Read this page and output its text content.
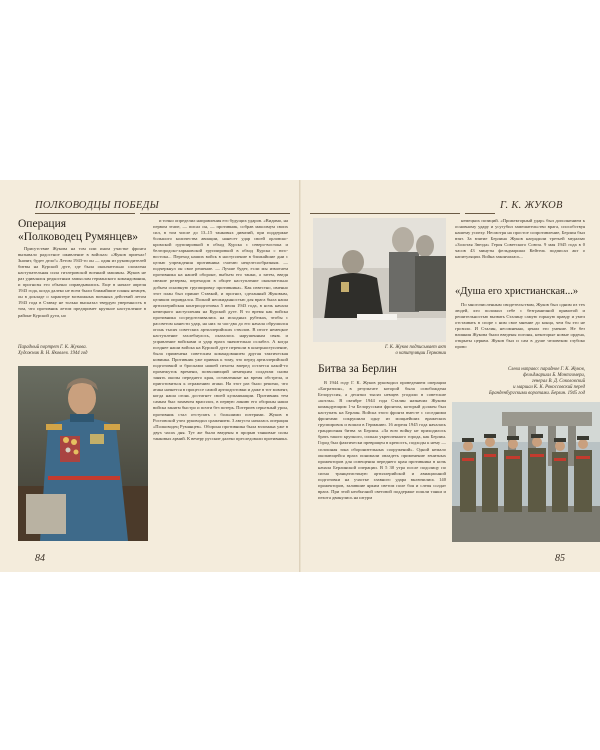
ПОЛКОВОДЦЫ ПОБЕДЫ
Операция
«Полководец Румянцев»

Присутствие Жукова на том или ином участке фронта вызывало радостное оживление в войсках: «Жуков приехал! Значит, будет дело!» Летом 1943-го он — один из руководителей битвы на Курской дуге, где была окончательно сломлена наступательная сила гитлеровской военной машины. Жуков не раз удивлялся редкостным замыслам германского командования, и прогнозы его обычно оправдывались. Еще в начале апреля 1943 года, когда далеко не всем были ближайшие планы немцев, он в докладе о характере возможных военных действий летом 1943 года в Ставку не только высказал твердую уверенность в том, что противник летом предпримет крупное наступление в районе Курской дуги, но

Парадный портрет Г. К. Жукова.
Художник В. Н. Яковлев. 1944 год

и точно определил направления его будущих ударов. «Видимо, на первом этапе, — писал он, — противник, собрав максимум своих сил, в том числе до 13–15 танковых дивизий, при поддержке большого количества авиации, нанесет удар своей орловско-кромской группировкой в обход Курска с северо-востока и белгородско-харьковской группировкой в обход Курска с юго-востока... Переход наших войск в наступление в ближайшие дни с целью упреждения противника считаю нецелесообразным. — подчеркнул он свое решение. — Лучше будет, если мы измотаем противника на нашей обороне, выбьем его танки, а затем, введя свежие резервы, переходом в общее наступление окончательно добьем основную группировку противника». Как известно, именно этот план был принят Ставкой, и прогноз, сделанный Жуковым, целиком оправдался. Полной неожиданностью для врага была наша артиллерийская контрподготовка 5 июля 1943 года, в ночь начала немецкого наступления на Курской дуге. В то время как войска противника сосредоточивались на исходных рубежах, чтобы с рассветом нанести удар, на них за час-два до его начала обрушился огонь тысяч советских артиллерийских стволов. В итоге немецкое наступление захлебнулось, оказалось нарушенным связь и управление войсками и удар врага значительно ослабел. А когда позднее наши войска на Курской дуге перешли в контрнаступление, была применена советским командованием другая тактическая новинка. Противник уже привык к тому, что перед артиллерийской подготовкой и бросками нашей пехоты вперед остается какой-то промежуток времени, позволяющий немецким солдатам снова занять окопы переднего края, оставленные на время обстрела, и приготовиться к отражению атаки. На этот раз было решено, что атака начнется в процессе самой артподготовки и даже в тот момент, когда наша огонь достигнет своей кульминации. Противник тем самым был захвачен врасплох, в первую линию его обороны наши войска занятм быстро и почти без потерь. Потерпев серьезный урон, противник стал отступать с большими потерями. Жуков в Ростовской учел руководил сражением. 3 августа началась операция «Полководец Румянцев». Оборона противника была взломана уже в двух часах дня. Тут же были введены в прорыв танковые силы танковых армий. К вечеру русские далеко преследовали противника.

84
Г. К. ЖУКОВ
Г. К. Жуков подписывает акт
о капитуляции Германии
Битва за Берлин

В 1944 году Г. К. Жуков руководил проведением операции «Багратион», в результате которой была освобождена Белоруссия, а десятки тысяч немцев угодили в советские «котлы». В октябре 1944 года Сталин назначил Жукова командующим 1-м Белорусским фронтом, который должен был наступать на Берлин. Войска этого фронта вместе с соседними фронтами сокрушили одну из мощнейших вражеских группировок и вошли в Германию. 16 апреля 1945 года началась грандиозная битва за Берлин. «За всю войну не приходилось брать такого крупного, сильно укрепленного города, как Берлин. Город был фактически превращен в крепость, подходы к нему — сплошная зона оборонительных сооружений». Одной немало окопающейся врага понимали овладеть применение зенитных прожекторов для освещения переднего края противника в ночь начала Берлинской операции. В 5 30 утра после подолицу по сигна транцатистиную артиллерийской и авиационной подготовки на участке главного удара включились 140 прожекторов, залившие ярким светом поле боя и слепя солдат врага. При этой необычной световой поддержке пошли танки и пехота двинулись на штурм

немецких позиций. «Прожекторный удар» был дополнением к основному удару и усугубил замешательство врага, способствуя нашему успеху. Несмотря на простое сопротивление, Берлин был взят. За взятие Берлина Жуков наградили третьей медалью «Золотая Звезда» Героя Советского Союза. 9 мая 1945 года в 0 часов 43 минуты фельдмаршал Кейтель подписал акт о капитуляции. Война закончилась...

«Душа его христианская...»

По многочисленным свидетельствам, Жуков был одним из тех людей, кто положил себе с безграничной прямотой и решительностью вызвать Сталину самую горькую правду и умел отстаивать в споре с ним свое мнение до конца, чем бы это не грозило. И Сталин, несомненно, ценил это умение. Не без влияния Жукова были введены погоны, некоторые новые ордена, открыты церкви. Жуков был и сам в душе человеком глубоко прово

Слева направо: парадное Г. К. Жуков,
фельдмаршал Б. Монтгомери,
генерал В. Д. Соколовский
и маршал К. К. Рокоссовский перед
Бранденбургскими воротами. Берлин. 1945 год
85
